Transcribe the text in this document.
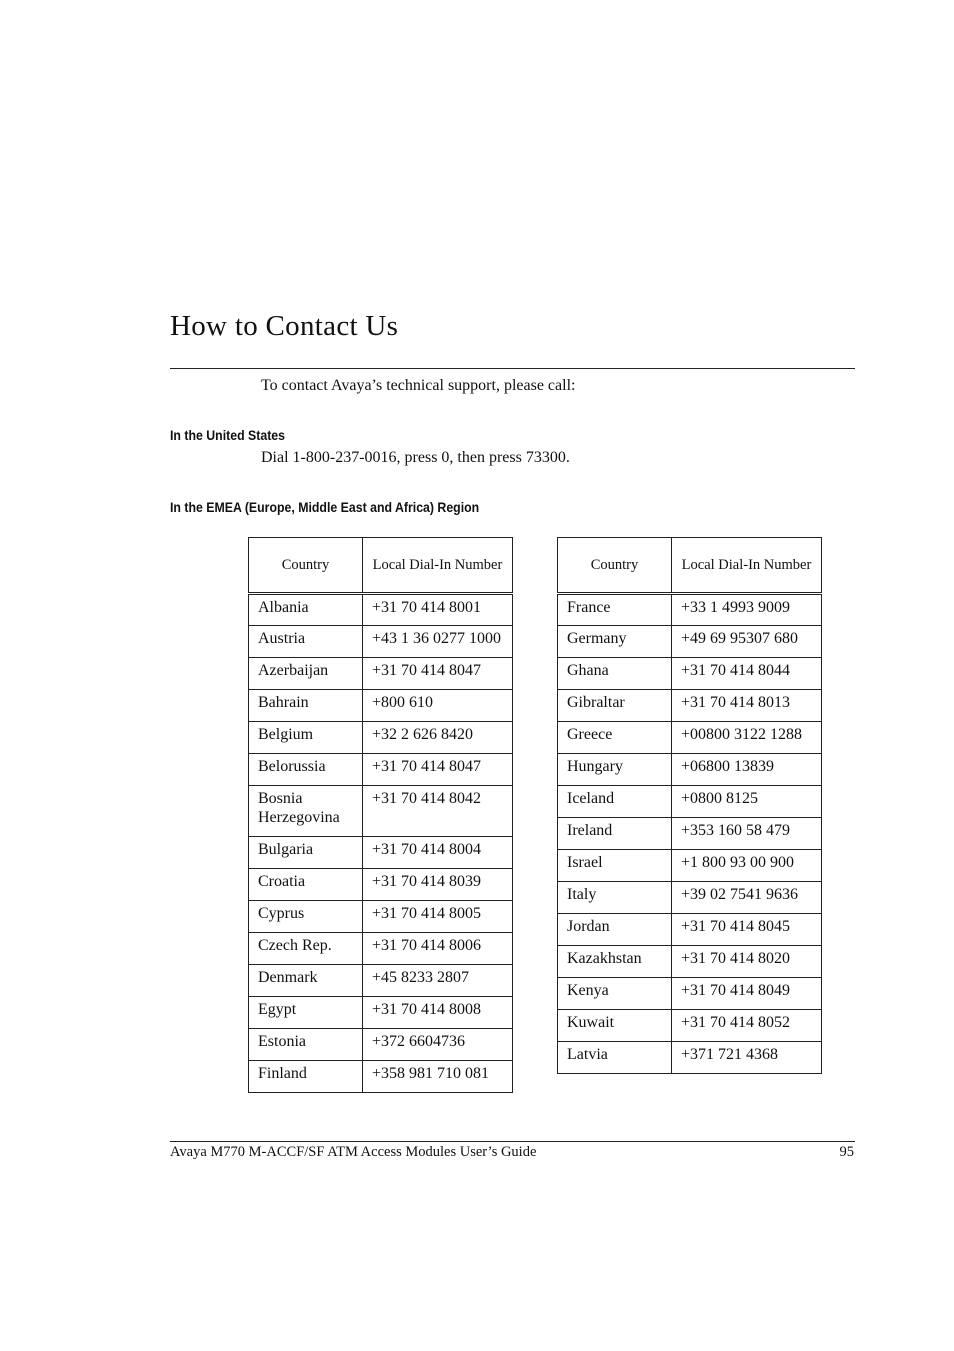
How to Contact Us
To contact Avaya’s technical support, please call:
In the United States
Dial 1-800-237-0016, press 0, then press 73300.
In the EMEA (Europe, Middle East and Africa) Region
Country	Local Dial-In Number
Albania	+31 70 414 8001
Austria	+43 1 36 0277 1000
Azerbaijan	+31 70 414 8047
Bahrain	+800 610
Belgium	+32 2 626 8420
Belorussia	+31 70 414 8047
Bosnia Herzegovina	+31 70 414 8042
Bulgaria	+31 70 414 8004
Croatia	+31 70 414 8039
Cyprus	+31 70 414 8005
Czech Rep.	+31 70 414 8006
Denmark	+45 8233 2807
Egypt	+31 70 414 8008
Estonia	+372 6604736
Finland	+358 981 710 081
Country	Local Dial-In Number
France	+33 1 4993 9009
Germany	+49 69 95307 680
Ghana	+31 70 414 8044
Gibraltar	+31 70 414 8013
Greece	+00800 3122 1288
Hungary	+06800 13839
Iceland	+0800 8125
Ireland	+353 160 58 479
Israel	+1 800 93 00 900
Italy	+39 02 7541 9636
Jordan	+31 70 414 8045
Kazakhstan	+31 70 414 8020
Kenya	+31 70 414 8049
Kuwait	+31 70 414 8052
Latvia	+371 721 4368
Avaya M770 M-ACCF/SF ATM Access Modules User’s Guide	95
